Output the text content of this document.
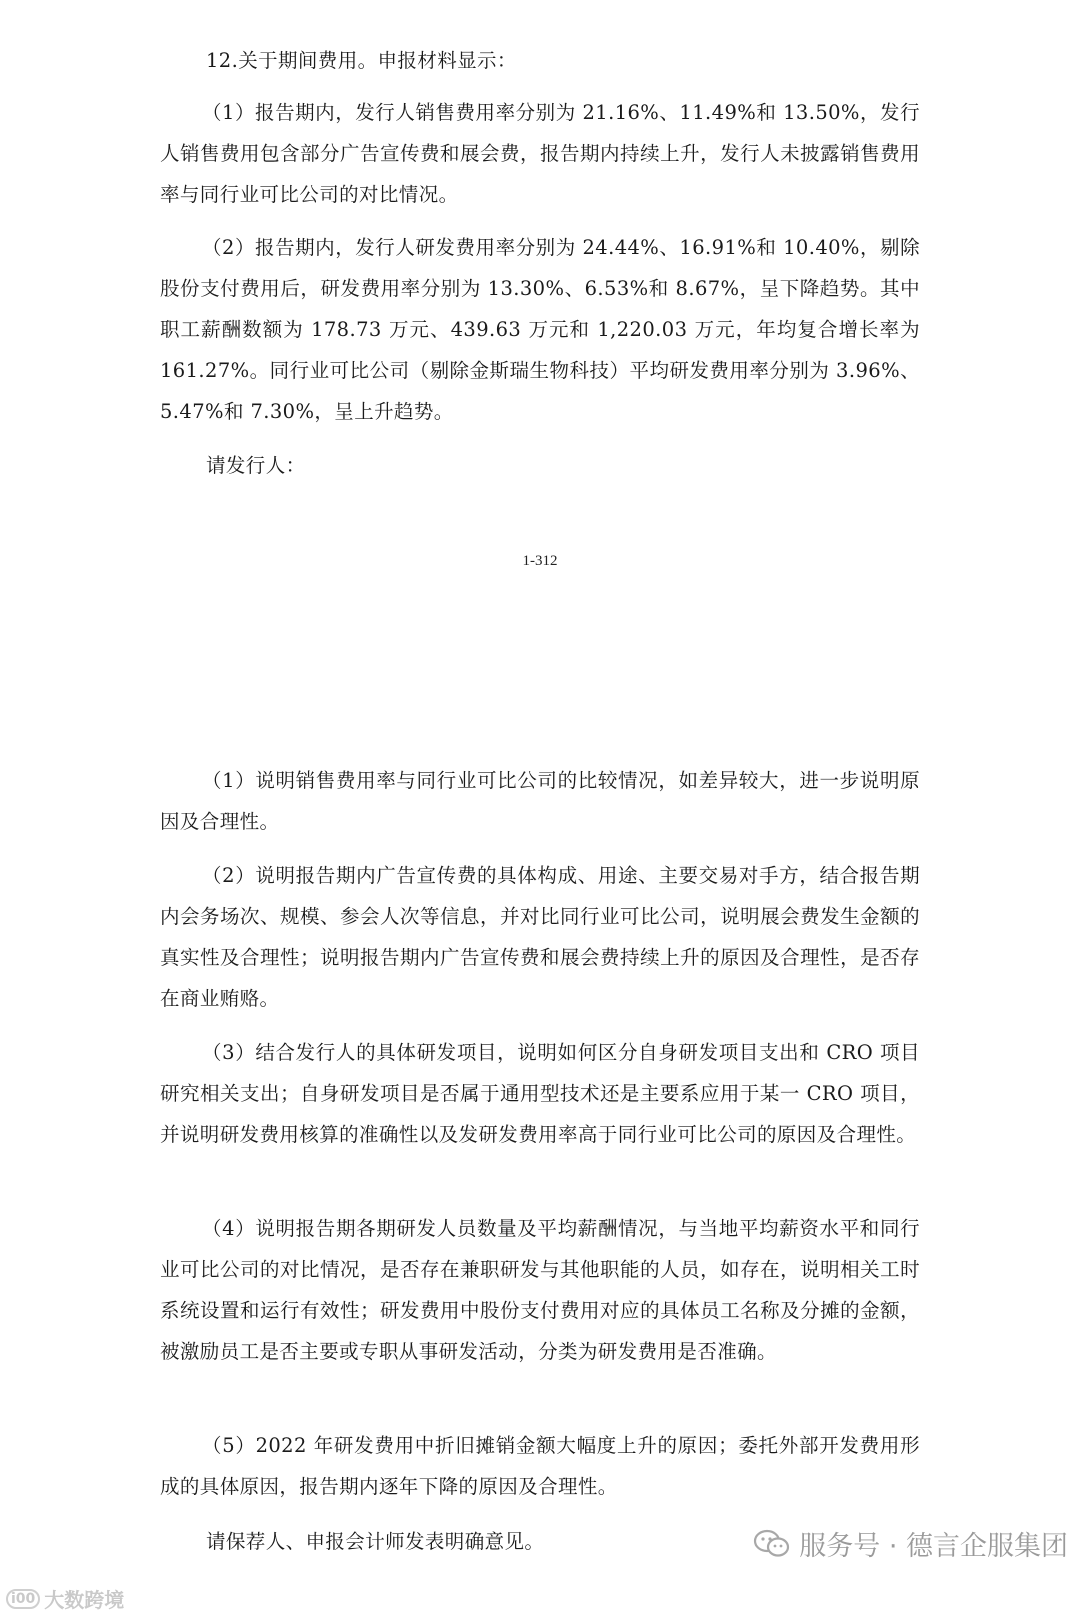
12.关于期间费用。申报材料显示：

（1）报告期内，发行人销售费用率分别为 21.16%、11.49%和 13.50%，发行人销售费用包含部分广告宣传费和展会费，报告期内持续上升，发行人未披露销售费用率与同行业可比公司的对比情况。

（2）报告期内，发行人研发费用率分别为 24.44%、16.91%和 10.40%，剔除股份支付费用后，研发费用率分别为 13.30%、6.53%和 8.67%，呈下降趋势。其中职工薪酬数额为 178.73 万元、439.63 万元和 1,220.03 万元，年均复合增长率为 161.27%。同行业可比公司（剔除金斯瑞生物科技）平均研发费用率分别为 3.96%、5.47%和 7.30%，呈上升趋势。

请发行人：
1-312

（1）说明销售费用率与同行业可比公司的比较情况，如差异较大，进一步说明原因及合理性。

（2）说明报告期内广告宣传费的具体构成、用途、主要交易对手方，结合报告期内会务场次、规模、参会人次等信息，并对比同行业可比公司，说明展会费发生金额的真实性及合理性；说明报告期内广告宣传费和展会费持续上升的原因及合理性，是否存在商业贿赂。

（3）结合发行人的具体研发项目，说明如何区分自身研发项目支出和 CRO 项目研究相关支出；自身研发项目是否属于通用型技术还是主要系应用于某一 CRO 项目，并说明研发费用核算的准确性以及发研发费用率高于同行业可比公司的原因及合理性。

（4）说明报告期各期研发人员数量及平均薪酬情况，与当地平均薪资水平和同行业可比公司的对比情况，是否存在兼职研发与其他职能的人员，如存在，说明相关工时系统设置和运行有效性；研发费用中股份支付费用对应的具体员工名称及分摊的金额，被激励员工是否主要或专职从事研发活动，分类为研发费用是否准确。

（5）2022 年研发费用中折旧摊销金额大幅度上升的原因；委托外部开发费用形成的具体原因，报告期内逐年下降的原因及合理性。

请保荐人、申报会计师发表明确意见。
i00 大数跨境
服务号 · 德言企服集团
